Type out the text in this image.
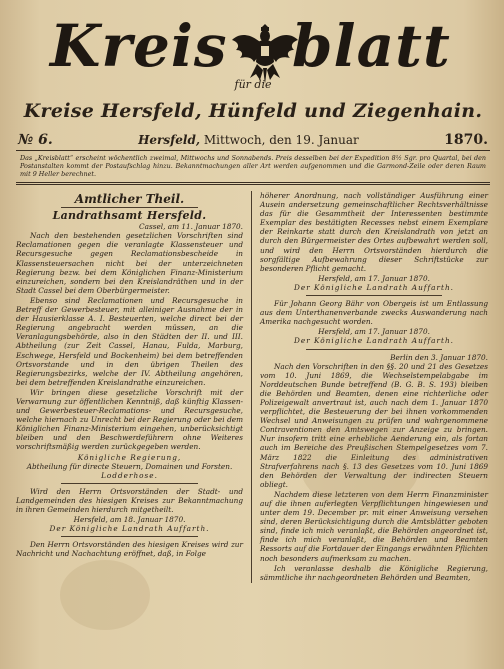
Kreis blatt
für die
Kreise Hersfeld, Hünfeld und Ziegenhain.
№ 6.	Hersfeld, Mittwoch, den 19. Januar	1870.
Das „Kreisblatt“ erscheint wöchentlich zweimal, Mittwochs und Sonnabends. Preis desselben bei der Expedition 8½ Sgr. pro Quartal, bei den Postanstalten kommt der Postaufschlag hinzu. Bekanntmachungen aller Art werden aufgenommen und die Garmond-Zeile oder deren Raum mit 9 Heller berechnet.
Amtlicher Theil.
Landrathsamt Hersfeld.
Cassel, am 11. Januar 1870.

Nach den bestehenden gesetzlichen Vorschriften sind Reclamationen gegen die veranlagte Klassensteuer und Recursgesuche gegen Reclamationsbescheide in Klassensteuersachen nicht bei der unterzeichneten Regierung bezw. bei dem Königlichen Finanz-Ministerium einzureichen, sondern bei den Kreislandräthen und in der Stadt Cassel bei dem Oberbürgermeister.

Ebenso sind Reclamationen und Recursgesuche in Betreff der Gewerbesteuer, mit alleiniger Ausnahme der in der Hausierklasse A. I. Besteuerten, welche direct bei der Regierung angebracht werden müssen, an die Veranlagungsbehörde, also in den Städten der II. und III. Abtheilung (zur Zeit Cassel, Hanau, Fulda, Marburg, Eschwege, Hersfeld und Bockenheim) bei dem betreffenden Ortsvorstande und in den übrigen Theilen des Regierungsbezirks, welche der IV. Abtheilung angehören, bei dem betreffenden Kreislandrathe einzureichen.

Wir bringen diese gesetzliche Vorschrift mit der Verwarnung zur öffentlichen Kenntniß, daß künftig Klassen- und Gewerbesteuer-Reclamations- und Recursgesuche, welche hiernach zu Unrecht bei der Regierung oder bei dem Königlichen Finanz-Ministerium eingehen, unberücksichtigt bleiben und den Beschwerdeführern ohne Weiteres vorschriftsmäßig werden zurückgegeben werden.

Königliche Regierung,
Abtheilung für directe Steuern, Domainen und Forsten.
Lodderhose.

Wird den Herrn Ortsvorständen der Stadt- und Landgemeinden des hiesigen Kreises zur Bekanntmachung in ihren Gemeinden hierdurch mitgetheilt.

Hersfeld, am 18. Januar 1870.
Der Königliche Landrath Auffarth.

Den Herrn Ortsvorständen des hiesigen Kreises wird zur Nachricht und Nachachtung eröffnet, daß, in Folge

höherer Anordnung, nach vollständiger Ausführung einer Ausein andersetzung gemeinschaftlicher Rechtsverhältnisse das für die Gesammtheit der Interessenten bestimmte Exemplar des bestätigten Recesses nebst einem Exemplare der Reinkarte statt durch den Kreislandrath von jetzt an durch den Bürgermeister des Ortes aufbewahrt werden soll, und wird den Herrn Ortsvorständen hierdurch die sorgfältige Aufbewahrung dieser Schriftstücke zur besonderen Pflicht gemacht.

Hersfeld, am 17. Januar 1870.
Der Königliche Landrath Auffarth.

Für Johann Georg Bähr von Obergeis ist um Entlassung aus dem Unterthanenverbande zwecks Auswanderung nach Amerika nachgesucht worden.

Hersfeld, am 17. Januar 1870.
Der Königliche Landrath Auffarth.
Berlin den 3. Januar 1870.

Nach den Vorschriften in den §§. 20 und 21 des Gesetzes vom 10. Juni 1869, die Wechselstempelabgabe im Norddeutschen Bunde betreffend (B. G. B. S. 193) bleiben die Behörden und Beamten, denen eine richterliche oder Polizeigewalt anvertraut ist, auch nach dem 1. Januar 1870 verpflichtet, die Besteuerung der bei ihnen vorkommenden Wechsel und Anweisungen zu prüfen und wahrgenommene Contraventionen den Amtswegen zur Anzeige zu bringen. Nur insofern tritt eine erhebliche Aenderung ein, als fortan auch im Bereiche des Preußischen Stempelgesetzes vom 7. März 1822 die Einleitung des administrativen Strafverfahrens nach §. 13 des Gesetzes vom 10. Juni 1869 den Behörden der Verwaltung der indirecten Steuern obliegt.

Nachdem diese letzteren von dem Herrn Finanzminister auf die ihnen auferlegten Verpflichtungen hingewiesen und unter dem 19. December pr. mit einer Anweisung versehen sind, deren Berücksichtigung durch die Amtsblätter geboten sind, finde ich mich veranlaßt, die Behörden angeordnet ist, finde ich mich veranlaßt, die Behörden und Beamten Ressorts auf die Fortdauer der Eingangs erwähnten Pflichten noch besonders aufmerksam zu machen.

Ich veranlasse deshalb die Königliche Regierung, sämmtliche ihr nachgeordneten Behörden und Beamten,
